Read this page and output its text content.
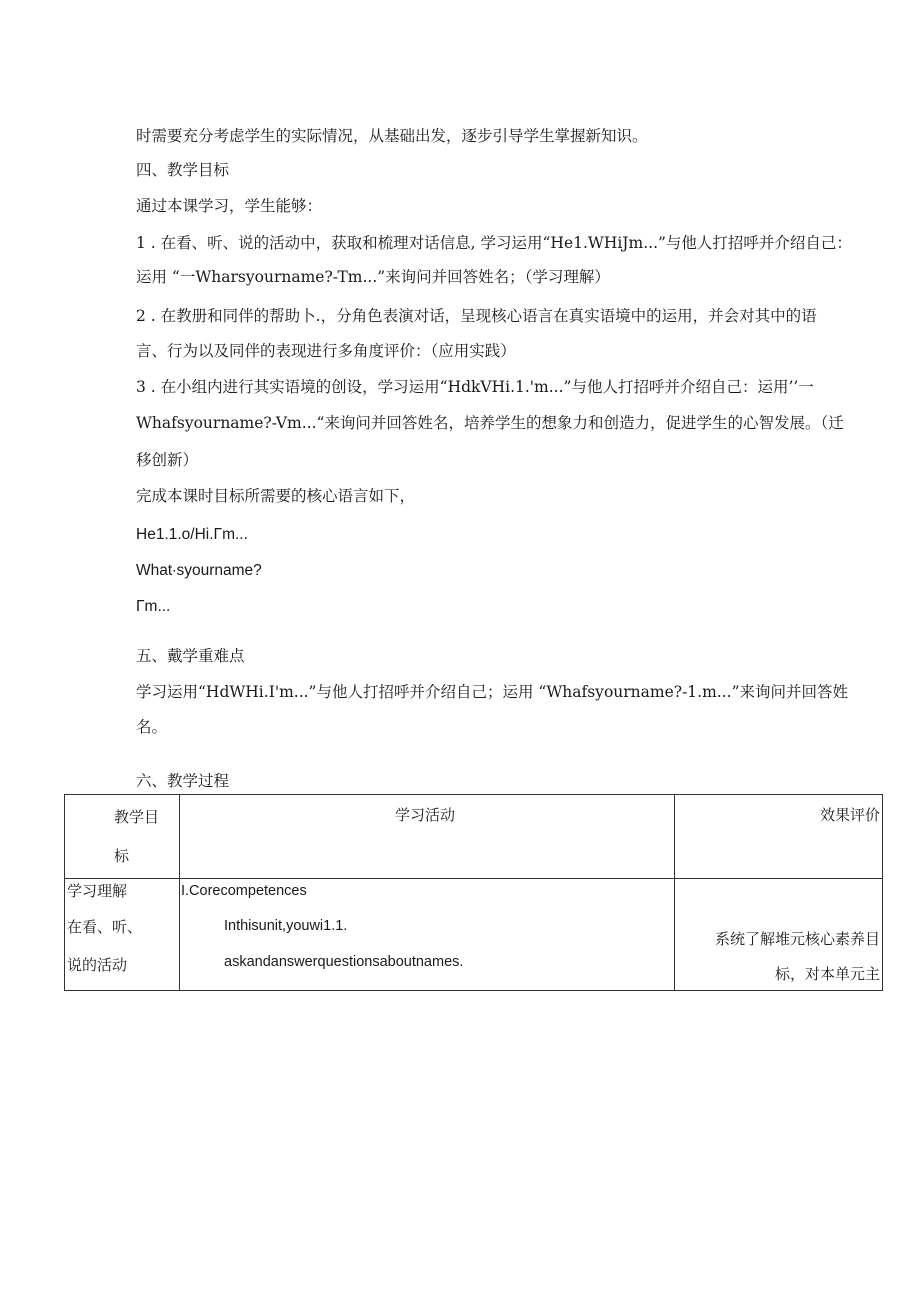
时需要充分考虑学生的实际情况，从基础出发，逐步引导学生掌握新知识。
四、教学目标
通过本课学习，学生能够：
1 . 在看、听、说的活动中，获取和梳理对话信息, 学习运用“He1.WHiJm...”与他人打招呼并介绍自己：
运用 “一Wharsyourname?-Tm...”来询问并回答姓名；（学习理解）
2 . 在教册和同伴的帮助卜.，分角色表演对话，呈现核心语言在真实语境中的运用，并会对其中的语
言、行为以及同伴的表现进行多角度评价：（应用实践）
3 . 在小组内进行其实语境的创设，学习运用“HdkVHi.1.'m...”与他人打招呼并介绍自己：运用’’一
Whafsyourname?-Vm...“来询问并回答姓名，培养学生的想象力和创造力，促进学生的心智发展。（迁
移创新）
完成本课时目标所需要的核心语言如下，
He1.1.o/Hi.Γm...
What∙syourname?
Γm...
五、戴学重难点
学习运用“HdWHi.I'm...”与他人打招呼并介绍自己；运用 “Whafsyourname?-1.m...”来询问并回答姓
名。
六、教学过程
教学目
标	学习活动	效果评价

学习理解
在看、听、
说的活动	I.Corecompetences
Inthisunit,youwi1.1.
askandanswerquestionsaboutnames.	系统了解堆元核心素养目
标，对本单元主
